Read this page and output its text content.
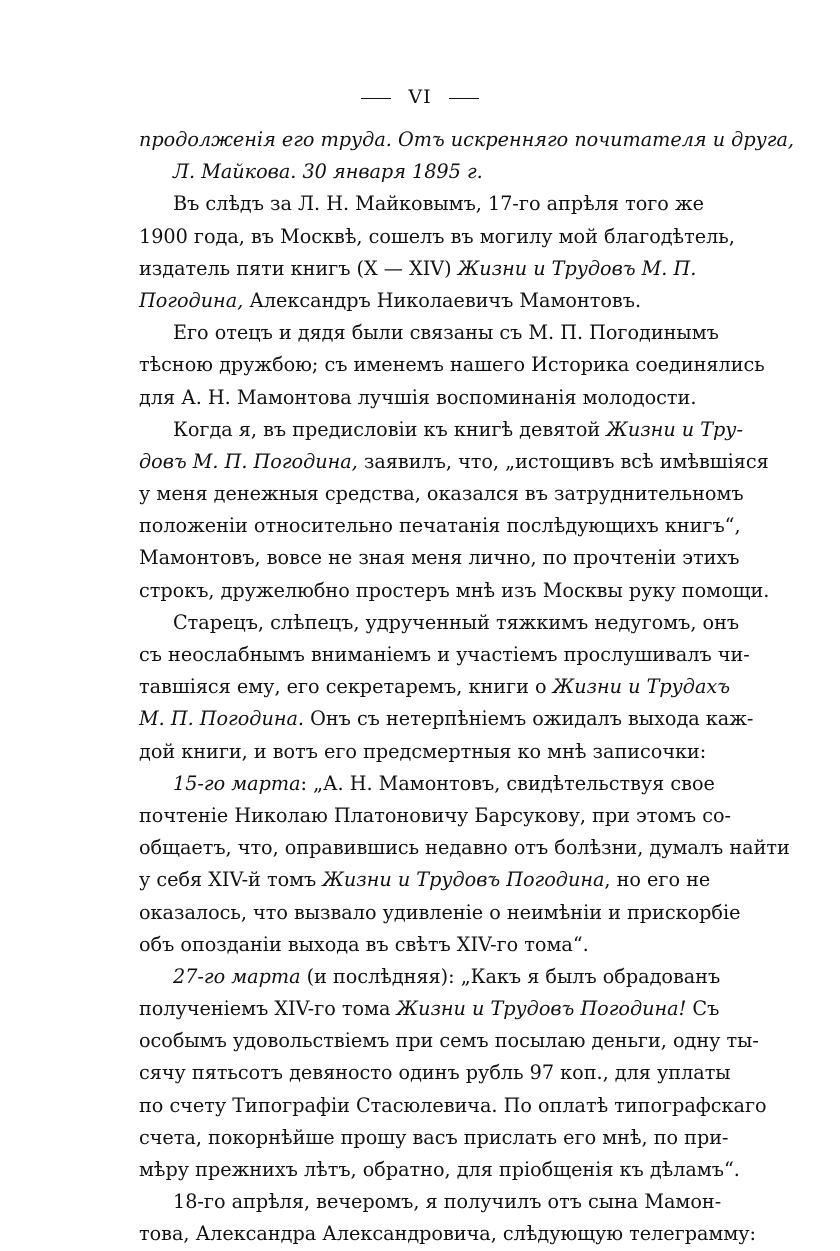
VI
продолженія его труда. Отъ искренняго почитателя и друга,
Л. Майкова. 30 января 1895 г.
Въ слѣдъ за Л. Н. Майковымъ, 17-го апрѣля того же
1900 года, въ Москвѣ, сошелъ въ могилу мой благодѣтель,
издатель пяти книгъ (X — XIV) Жизни и Трудовъ М. П.
Погодина, Александръ Николаевичъ Мамонтовъ.
Его отецъ и дядя были связаны съ М. П. Погодинымъ
тѣсною дружбою; съ именемъ нашего Историка соединялись
для А. Н. Мамонтова лучшія воспоминанія молодости.
Когда я, въ предисловіи къ книгѣ девятой Жизни и Тру-
довъ М. П. Погодина, заявилъ, что, „истощивъ всѣ имѣвшіяся
у меня денежныя средства, оказался въ затруднительномъ
положеніи относительно печатанія послѣдующихъ книгъ“,
Мамонтовъ, вовсе не зная меня лично, по прочтеніи этихъ
строкъ, дружелюбно простеръ мнѣ изъ Москвы руку помощи.
Старецъ, слѣпецъ, удрученный тяжкимъ недугомъ, онъ
съ неослабнымъ вниманіемъ и участіемъ прослушивалъ чи-
тавшіяся ему, его секретаремъ, книги о Жизни и Трудахъ
М. П. Погодина. Онъ съ нетерпѣніемъ ожидалъ выхода каж-
дой книги, и вотъ его предсмертныя ко мнѣ записочки:
15-го марта: „А. Н. Мамонтовъ, свидѣтельствуя свое
почтеніе Николаю Платоновичу Барсукову, при этомъ со-
общаетъ, что, оправившись недавно отъ болѣзни, думалъ найти
у себя XIV-й томъ Жизни и Трудовъ Погодина, но его не
оказалось, что вызвало удивленіе о неимѣніи и прискорбіе
объ опозданіи выхода въ свѣтъ XIV-го тома“.
27-го марта (и послѣдняя): „Какъ я былъ обрадованъ
полученіемъ XIV-го тома Жизни и Трудовъ Погодина! Съ
особымъ удовольствіемъ при семъ посылаю деньги, одну ты-
сячу пятьсотъ девяносто одинъ рубль 97 коп., для уплаты
по счету Типографіи Стасюлевича. По оплатѣ типографскаго
счета, покорнѣйше прошу васъ прислать его мнѣ, по при-
мѣру прежнихъ лѣтъ, обратно, для пріобщенія къ дѣламъ“.
18-го апрѣля, вечеромъ, я получилъ отъ сына Мамон-
това, Александра Александровича, слѣдующую телеграмму:
